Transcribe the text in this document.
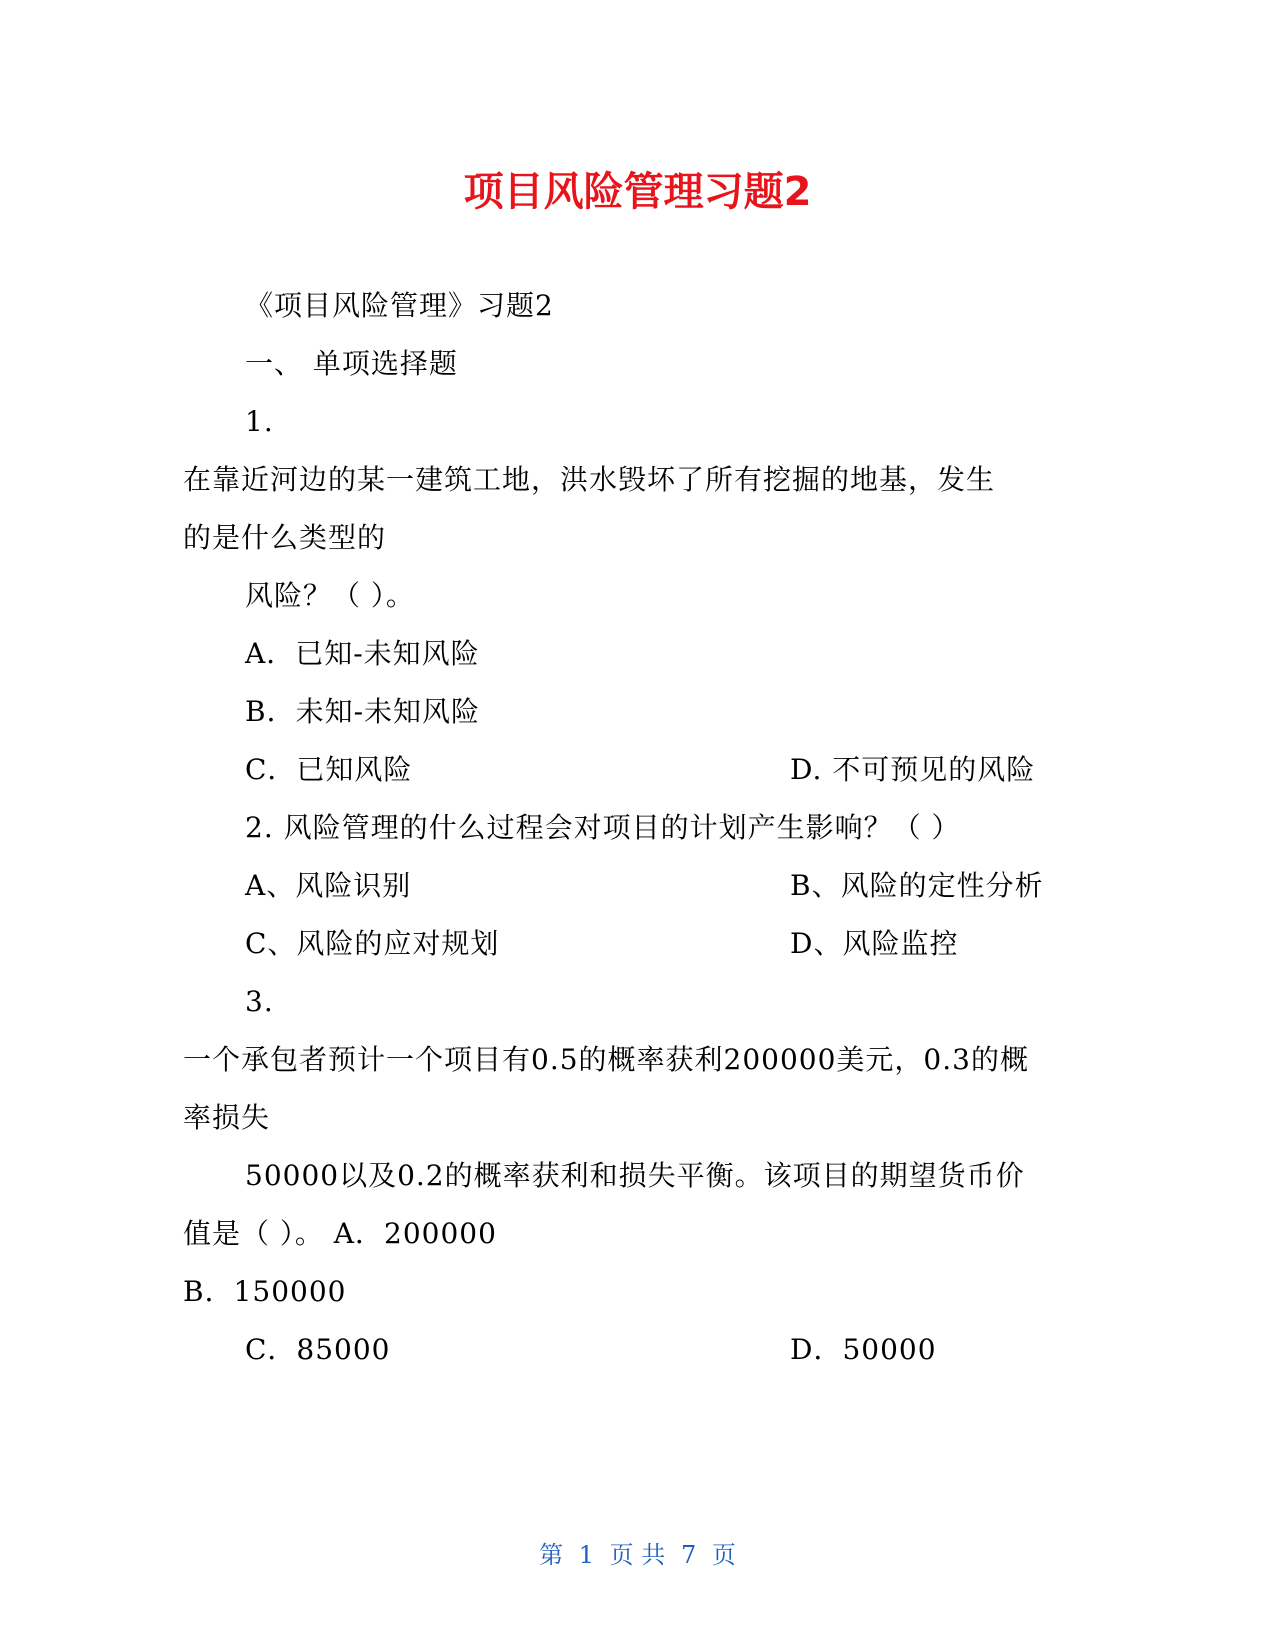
项目风险管理习题2
《项目风险管理》习题2
一、 单项选择题
1.
在靠近河边的某一建筑工地，洪水毁坏了所有挖掘的地基，发生
的是什么类型的
风险？（ ）。
A．已知-未知风险
B．未知-未知风险
C．已知风险	D. 不可预见的风险
2. 风险管理的什么过程会对项目的计划产生影响？（ ）
A、风险识别	B、风险的定性分析
C、风险的应对规划	D、风险监控
3.
一个承包者预计一个项目有0.5的概率获利200000美元，0.3的概
率损失
50000以及0.2的概率获利和损失平衡。该项目的期望货币价
值是（ ）。 A．200000
B．150000
C．85000	D．50000
第 1 页 共 7 页
